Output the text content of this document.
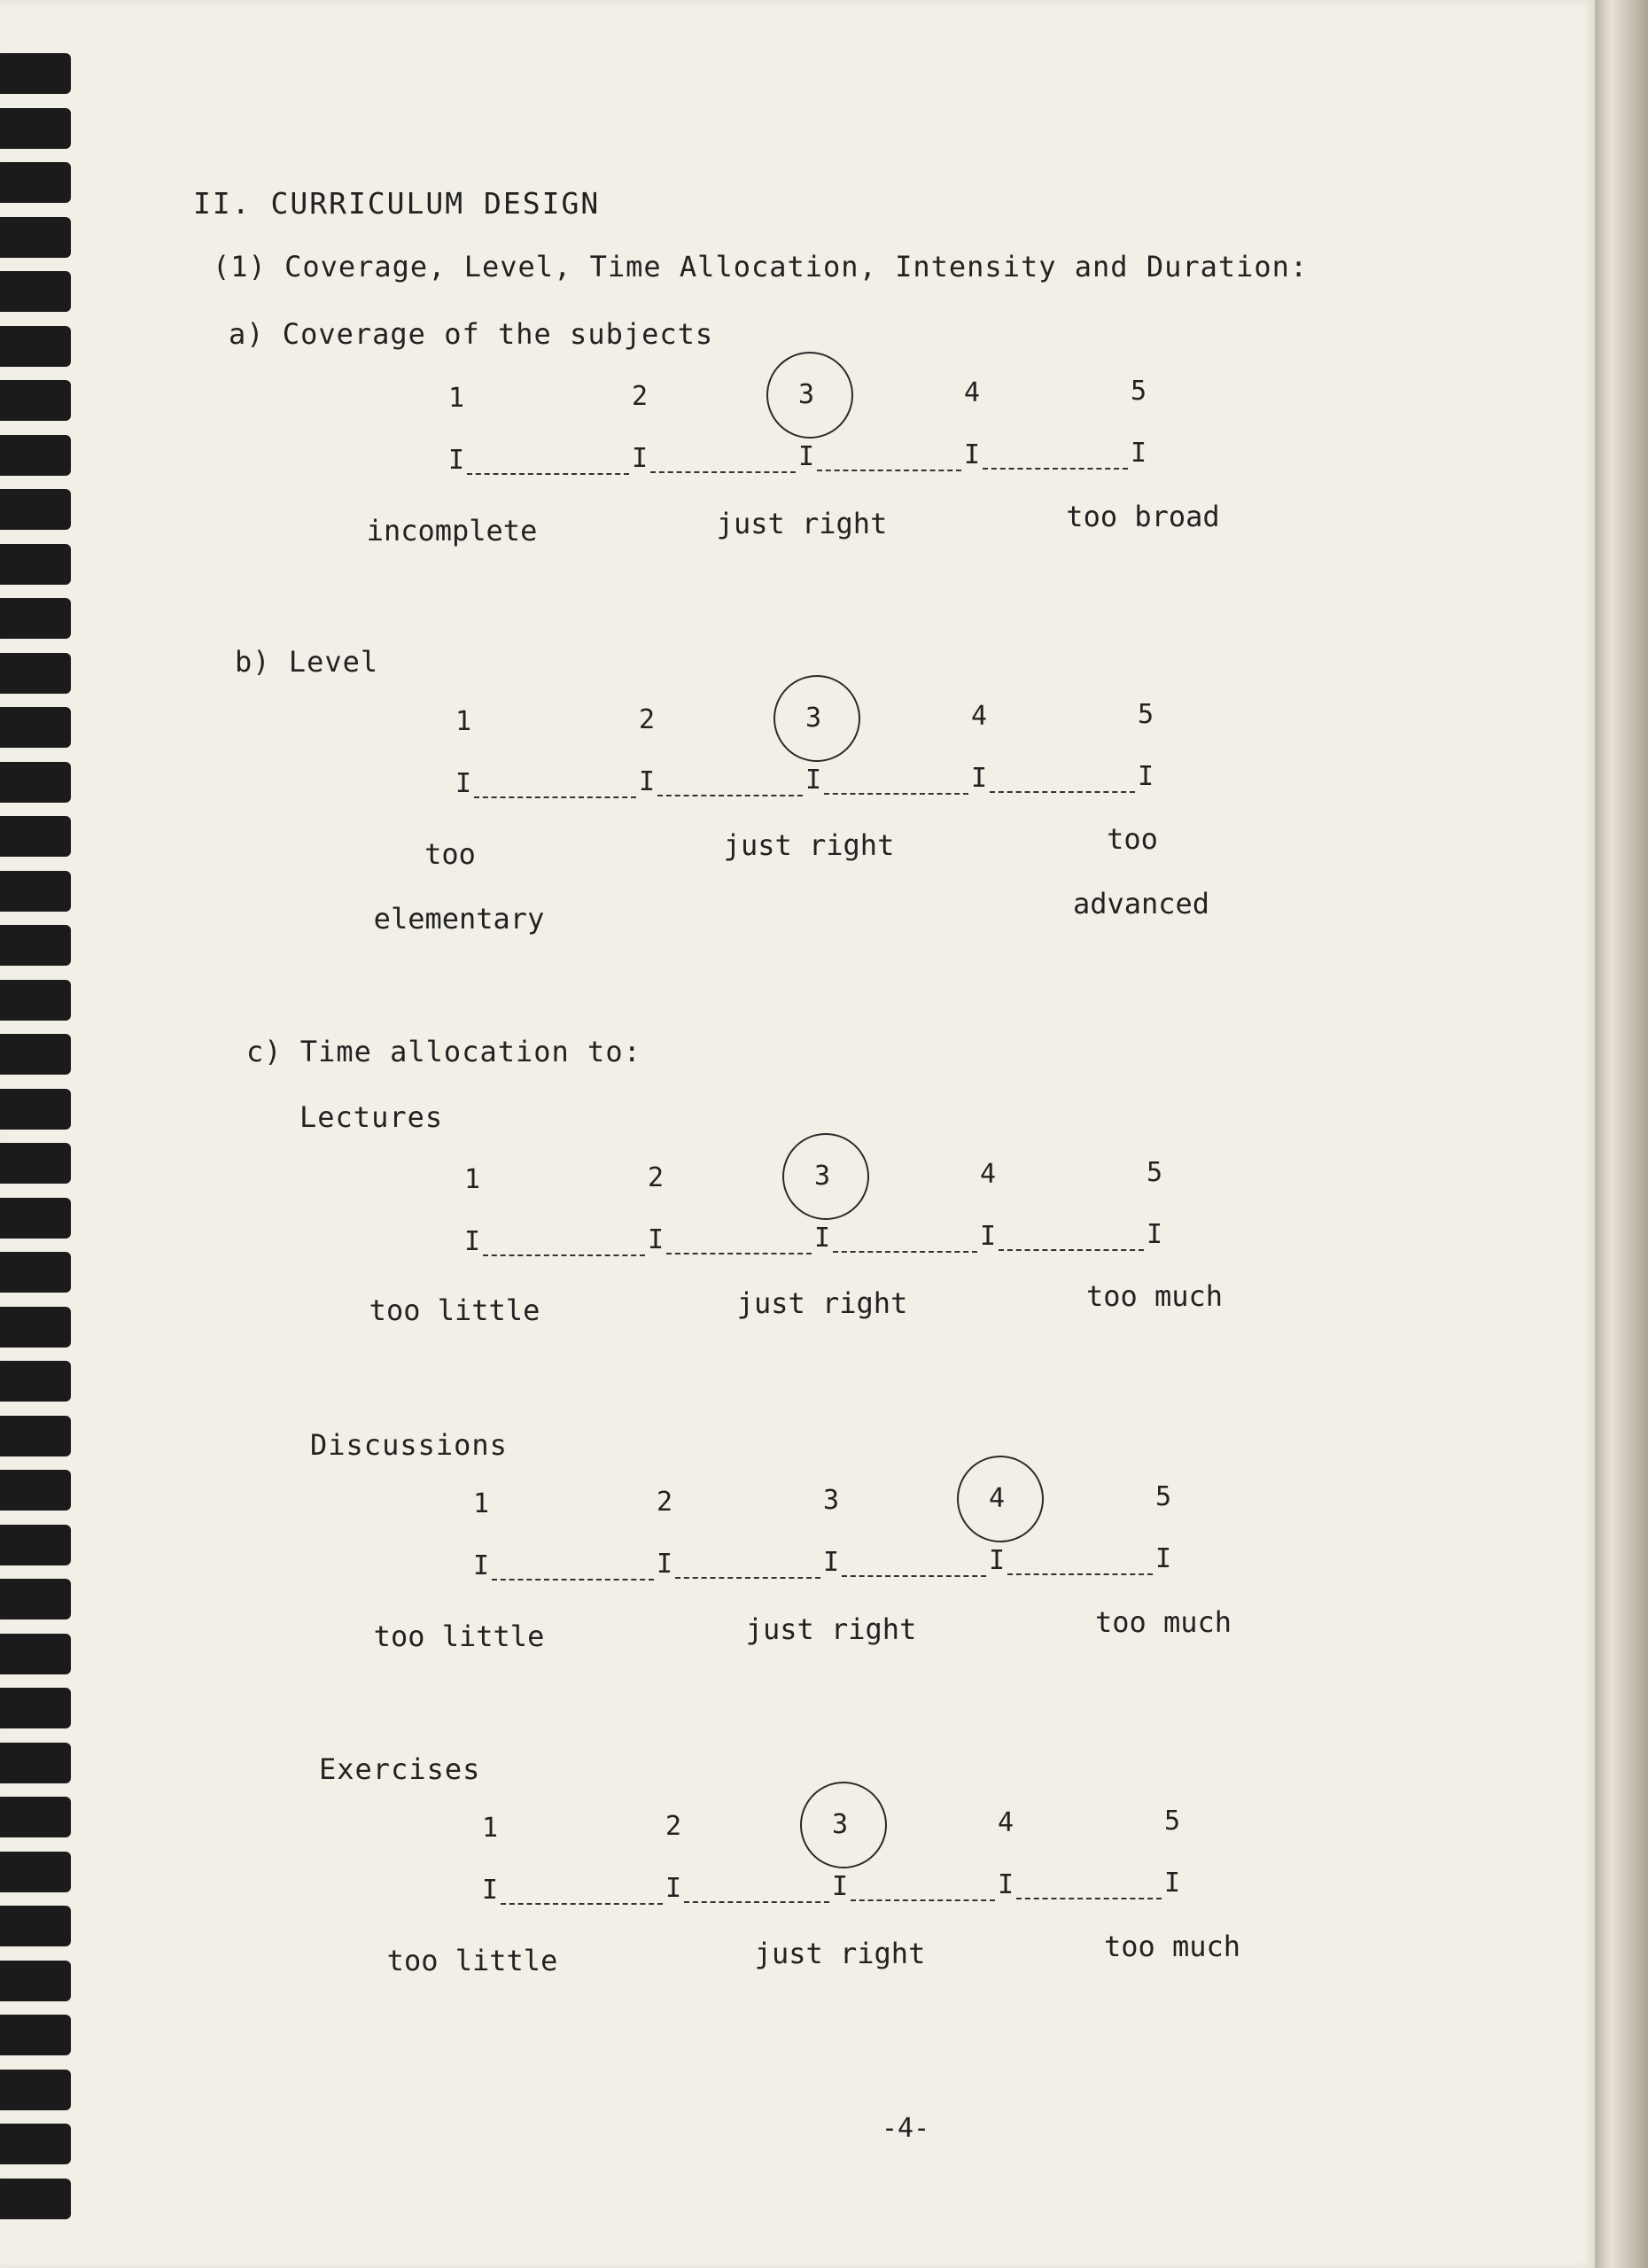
II. CURRICULUM DESIGN
(1) Coverage, Level, Time Allocation, Intensity and Duration:
a) Coverage of the subjects
incomplete	just right	too broad
1
I
2
I
3
I
4
I
5
I
b) Level
too
elementary
just right	too
advanced
1
I
2
I
3
I
4
I
5
I
c) Time allocation to:
Lectures
too little	just right	too much
1
I
2
I
3
I
4
I
5
I
Discussions
too little	just right	too much
1
I
2
I
3
I
4
I
5
I
Exercises
too little	just right	too much
1
I
2
I
3
I
4
I
5
I
-4-
